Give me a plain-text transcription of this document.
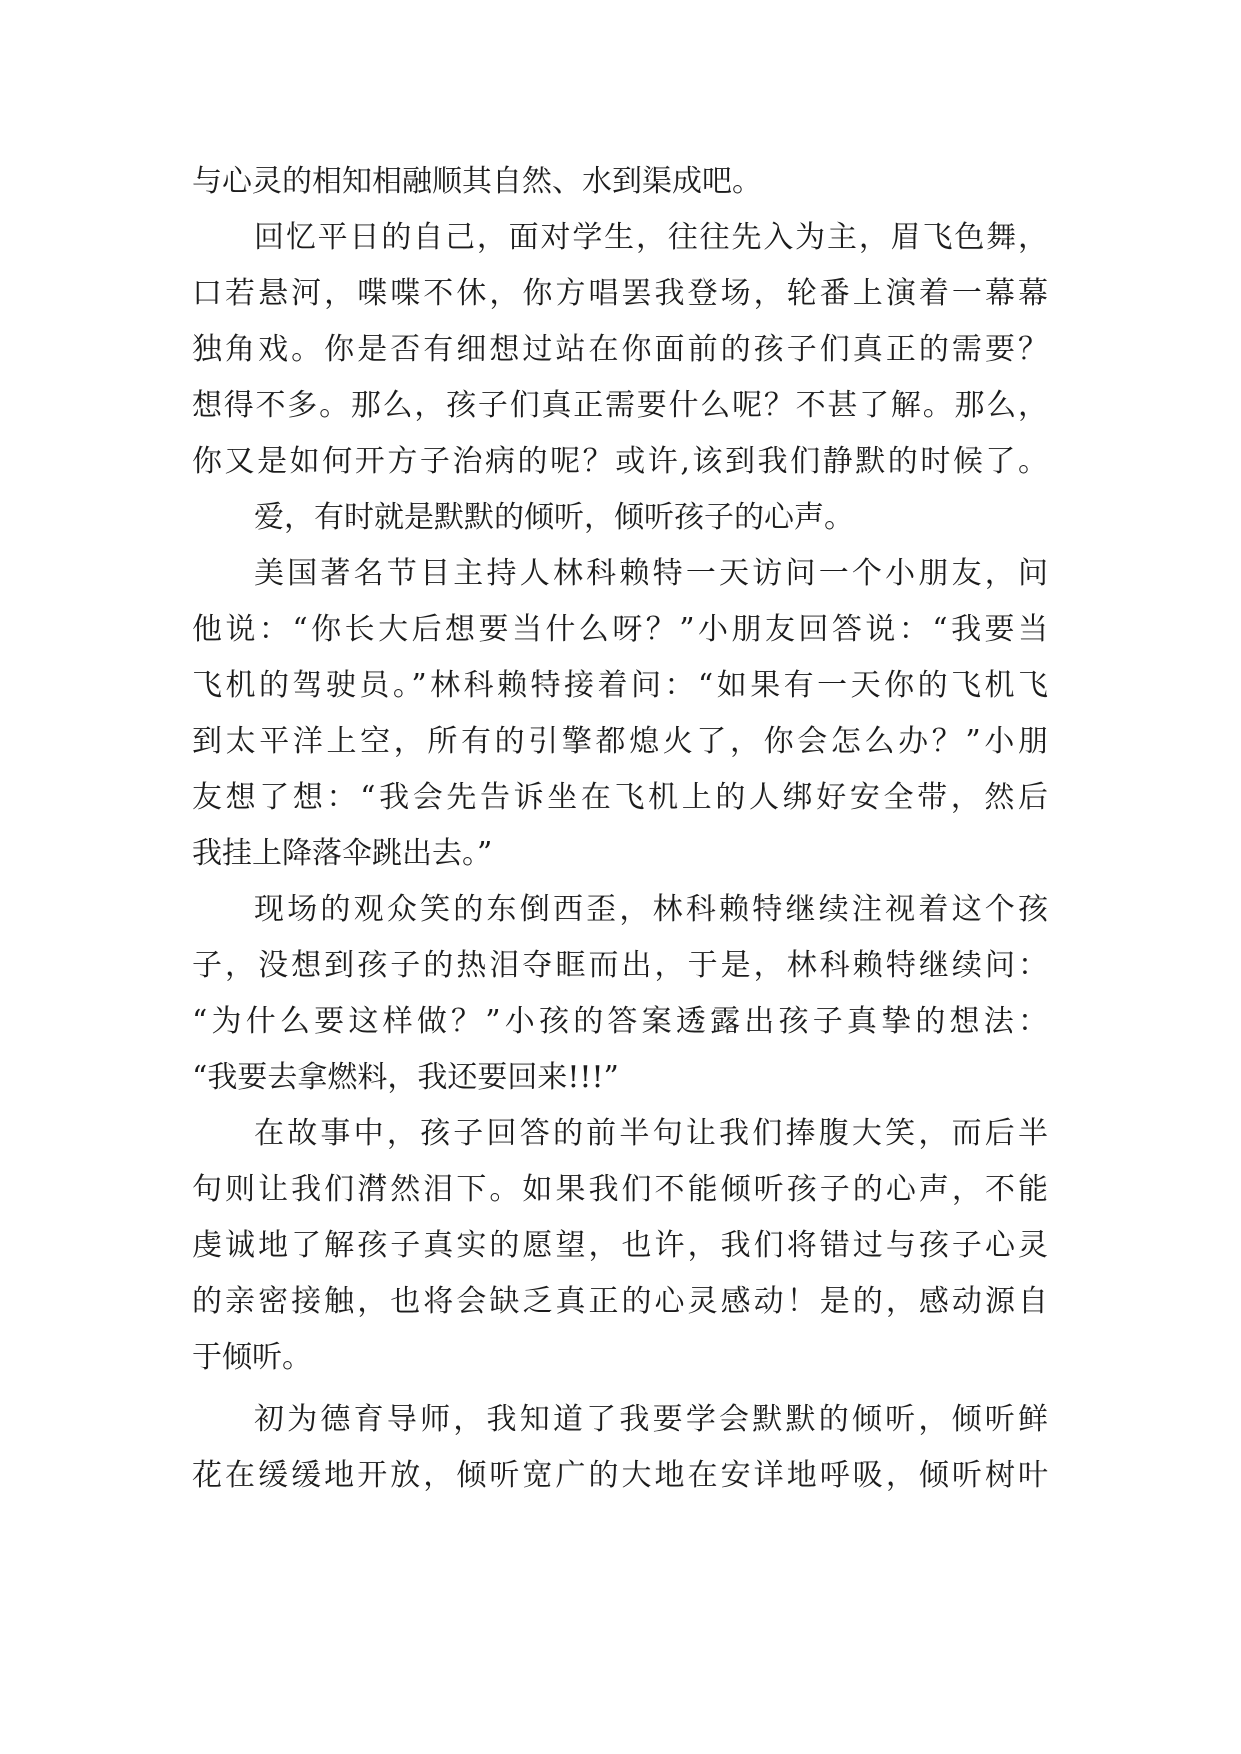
与心灵的相知相融顺其自然、水到渠成吧。
回忆平日的自己，面对学生，往往先入为主，眉飞色舞，
口若悬河，喋喋不休，你方唱罢我登场，轮番上演着一幕幕
独角戏。你是否有细想过站在你面前的孩子们真正的需要？
想得不多。那么，孩子们真正需要什么呢？不甚了解。那么，
你又是如何开方子治病的呢？或许,该到我们静默的时候了。
爱，有时就是默默的倾听，倾听孩子的心声。
美国著名节目主持人林科赖特一天访问一个小朋友，问
他说：“你长大后想要当什么呀？”小朋友回答说：“我要当
飞机的驾驶员。”林科赖特接着问：“如果有一天你的飞机飞
到太平洋上空，所有的引擎都熄火了，你会怎么办？”小朋
友想了想：“我会先告诉坐在飞机上的人绑好安全带，然后
我挂上降落伞跳出去。”
现场的观众笑的东倒西歪，林科赖特继续注视着这个孩
子，没想到孩子的热泪夺眶而出，于是，林科赖特继续问：
“为什么要这样做？”小孩的答案透露出孩子真挚的想法：
“我要去拿燃料，我还要回来!!!”
在故事中，孩子回答的前半句让我们捧腹大笑，而后半
句则让我们潸然泪下。如果我们不能倾听孩子的心声，不能
虔诚地了解孩子真实的愿望，也许，我们将错过与孩子心灵
的亲密接触，也将会缺乏真正的心灵感动！是的，感动源自
于倾听。
初为德育导师，我知道了我要学会默默的倾听，倾听鲜
花在缓缓地开放，倾听宽广的大地在安详地呼吸，倾听树叶
